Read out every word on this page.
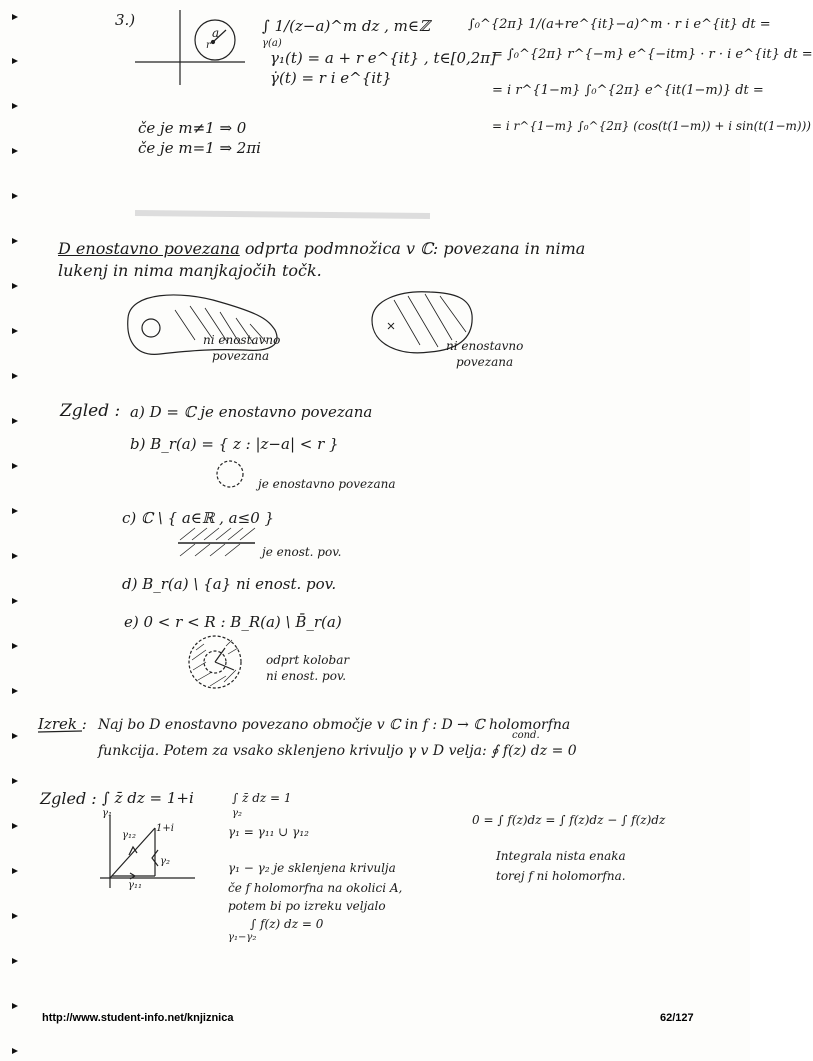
3.)
a
r
∫ 1/(z−a)^m dz , m∈ℤ
γ(a)
γ₁(t) = a + r e^{it} , t∈[0,2π]
γ̇(t) = r i e^{it}
∫₀^{2π} 1/(a+re^{it}−a)^m · r i e^{it} dt =
= ∫₀^{2π} r^{−m} e^{−itm} · r · i e^{it} dt =
= i r^{1−m} ∫₀^{2π} e^{it(1−m)} dt =
= i r^{1−m} ∫₀^{2π} (cos(t(1−m)) + i sin(t(1−m)))
če je m≠1 ⇒ 0
če je m=1 ⇒ 2πi
D enostavno povezana odprta podmnožica v ℂ: povezana in nima
lukenj in nima manjkajočih točk.
ni enostavno
povezana
ni enostavno
povezana
Zgled : a) D = ℂ je enostavno povezana
b) B_r(a) = { z : |z−a| < r }
je enostavno povezana
c) ℂ \ { a∈ℝ , a≤0 }
je enost. pov.
d) B_r(a) \ {a} ni enost. pov.
e) 0 < r < R : B_R(a) \ B̄_r(a)
odprt kolobar
ni enost. pov.
Izrek : Naj bo D enostavno povezano območje v ℂ in f : D → ℂ holomorfna
funkcija. Potem za vsako sklenjeno krivuljo γ v D velja: ∮ f(z) dz = 0
cond.
Zgled : ∫ z̄ dz = 1+i
γ₁
∫ z̄ dz = 1
γ₂
γ₁ = γ₁₁ ∪ γ₁₂
γ₁₂
1+i
γ₂
γ₁₁
γ₁ − γ₂ je sklenjena krivulja
če f holomorfna na okolici A,
potem bi po izreku veljalo
∫ f(z) dz = 0
γ₁−γ₂
0 = ∫ f(z)dz = ∫ f(z)dz − ∫ f(z)dz
Integrala nista enaka
torej f ni holomorfna.
http://www.student-info.net/knjiznica	62/127
